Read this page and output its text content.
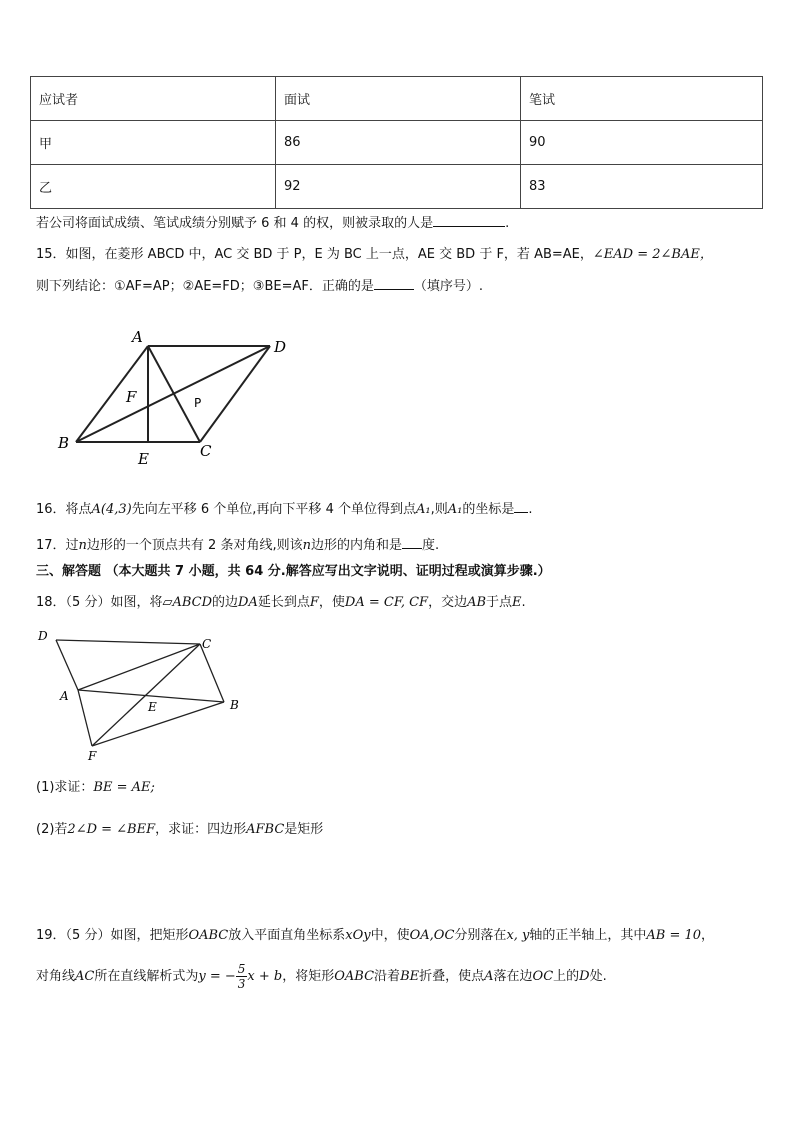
应试者	面试	笔试
甲	86	90
乙	92	83
若公司将面试成绩、笔试成绩分别赋予 6 和 4 的权，则被录取的人是	.
15．如图，在菱形 ABCD 中，AC 交 BD 于 P，E 为 BC 上一点，AE 交 BD 于 F，若 AB=AE，∠EAD = 2∠BAE，
则下列结论：①AF=AP；②AE=FD；③BE=AF．正确的是	（填序号）.
A
D
F	P
B
E	C
16．将点A(4,3)先向左平移 6 个单位,再向下平移 4 个单位得到点A₁,则A₁的坐标是 .
17．过n边形的一个顶点共有 2 条对角线,则该n边形的内角和是 度.
三、解答题 （本大题共 7 小题，共 64 分.解答应写出文字说明、证明过程或演算步骤.）
18．（5 分）如图，将▱ABCD的边DA延长到点F，使DA = CF, CF，交边AB于点E.
D
C
A
E	B
F
(1)求证：BE = AE;
(2)若2∠D = ∠BEF，求证：四边形AFBC是矩形
19．（5 分）如图，把矩形OABC放入平面直角坐标系xOy中，使OA,OC分别落在x, y轴的正半轴上，其中AB = 10，
对角线AC所在直线解析式为y = − $\frac{5}{3}$ x + b，将矩形OABC沿着BE折叠，使点A落在边OC上的D处.
